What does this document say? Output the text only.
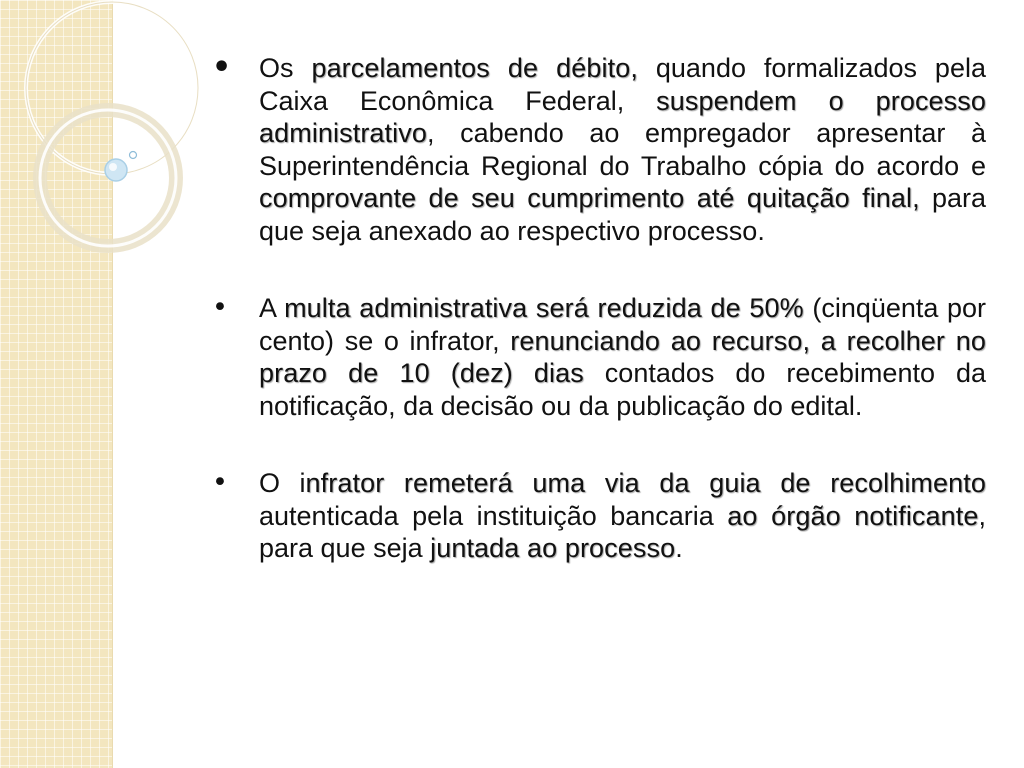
• Os parcelamentos de débito, quando formalizados pela Caixa Econômica Federal, suspendem o processo administrativo, cabendo ao empregador apresentar à Superintendência Regional do Trabalho cópia do acordo e comprovante de seu cumprimento até quitação final, para que seja anexado ao respectivo processo.
• A multa administrativa será reduzida de 50% (cinqüenta por cento) se o infrator, renunciando ao recurso, a recolher no prazo de 10 (dez) dias contados do recebimento da notificação, da decisão ou da publicação do edital.
• O infrator remeterá uma via da guia de recolhimento autenticada pela instituição bancaria ao órgão notificante, para que seja juntada ao processo.
